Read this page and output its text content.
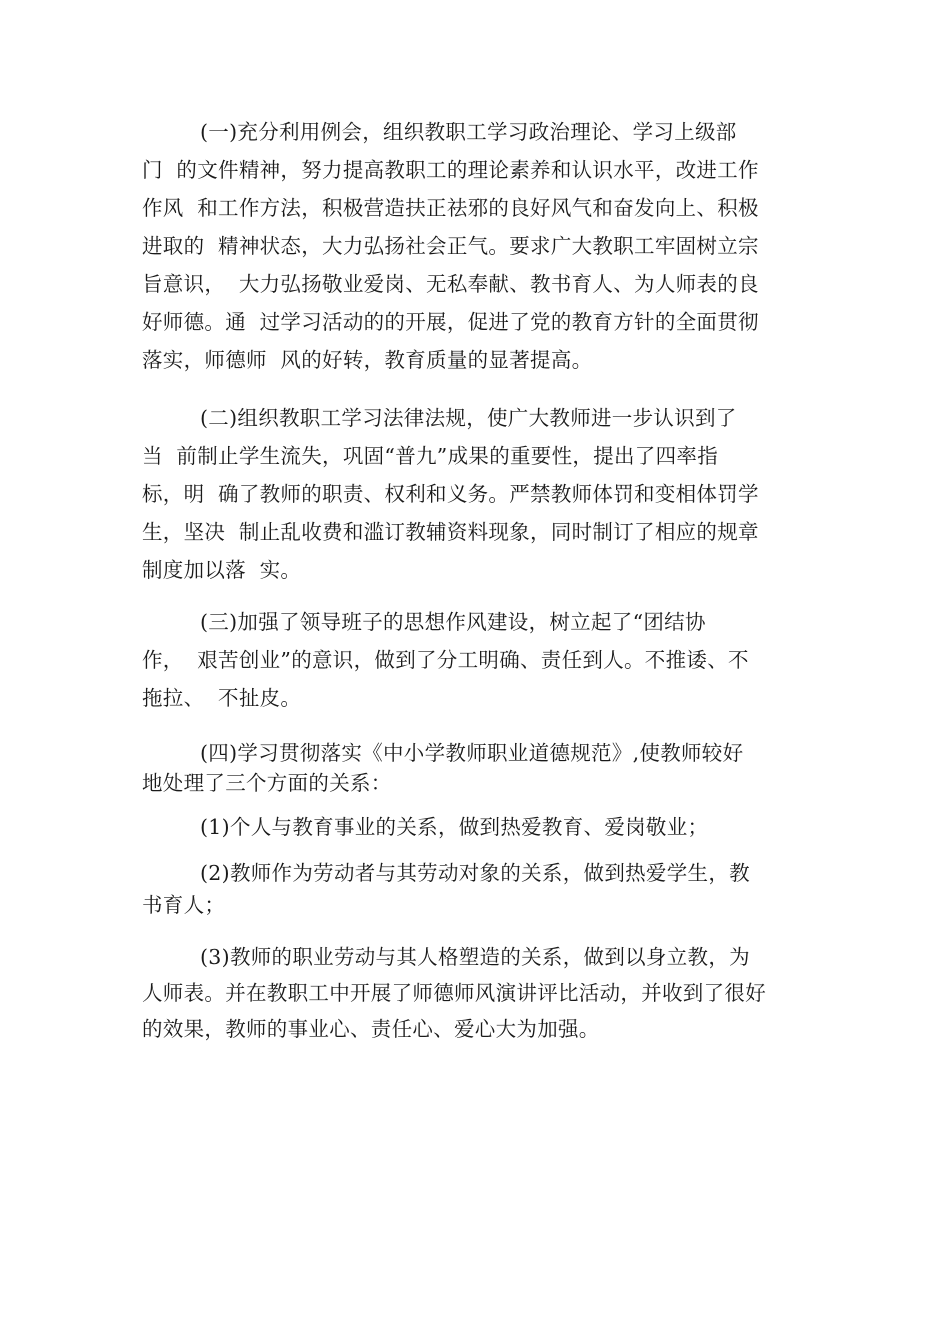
(一)充分利用例会，组织教职工学习政治理论、学习上级部
门  的文件精神，努力提高教职工的理论素养和认识水平，改进工作
作风  和工作方法，积极营造扶正祛邪的良好风气和奋发向上、积极
进取的  精神状态，大力弘扬社会正气。要求广大教职工牢固树立宗
旨意识，  大力弘扬敬业爱岗、无私奉献、教书育人、为人师表的良
好师德。通  过学习活动的的开展，促进了党的教育方针的全面贯彻
落实，师德师  风的好转，教育质量的显著提高。
(二)组织教职工学习法律法规，使广大教师进一步认识到了
当  前制止学生流失，巩固“普九”成果的重要性，提出了四率指
标，明  确了教师的职责、权利和义务。严禁教师体罚和变相体罚学
生，坚决  制止乱收费和滥订教辅资料现象，同时制订了相应的规章
制度加以落  实。
(三)加强了领导班子的思想作风建设，树立起了“团结协
作，  艰苦创业”的意识，做到了分工明确、责任到人。不推诿、不
拖拉、  不扯皮。
(四)学习贯彻落实《中小学教师职业道德规范》,使教师较好
地处理了三个方面的关系：
(1)个人与教育事业的关系，做到热爱教育、爱岗敬业；
(2)教师作为劳动者与其劳动对象的关系，做到热爱学生，教
书育人；
(3)教师的职业劳动与其人格塑造的关系，做到以身立教，为
人师表。并在教职工中开展了师德师风演讲评比活动，并收到了很好
的效果，教师的事业心、责任心、爱心大为加强。
